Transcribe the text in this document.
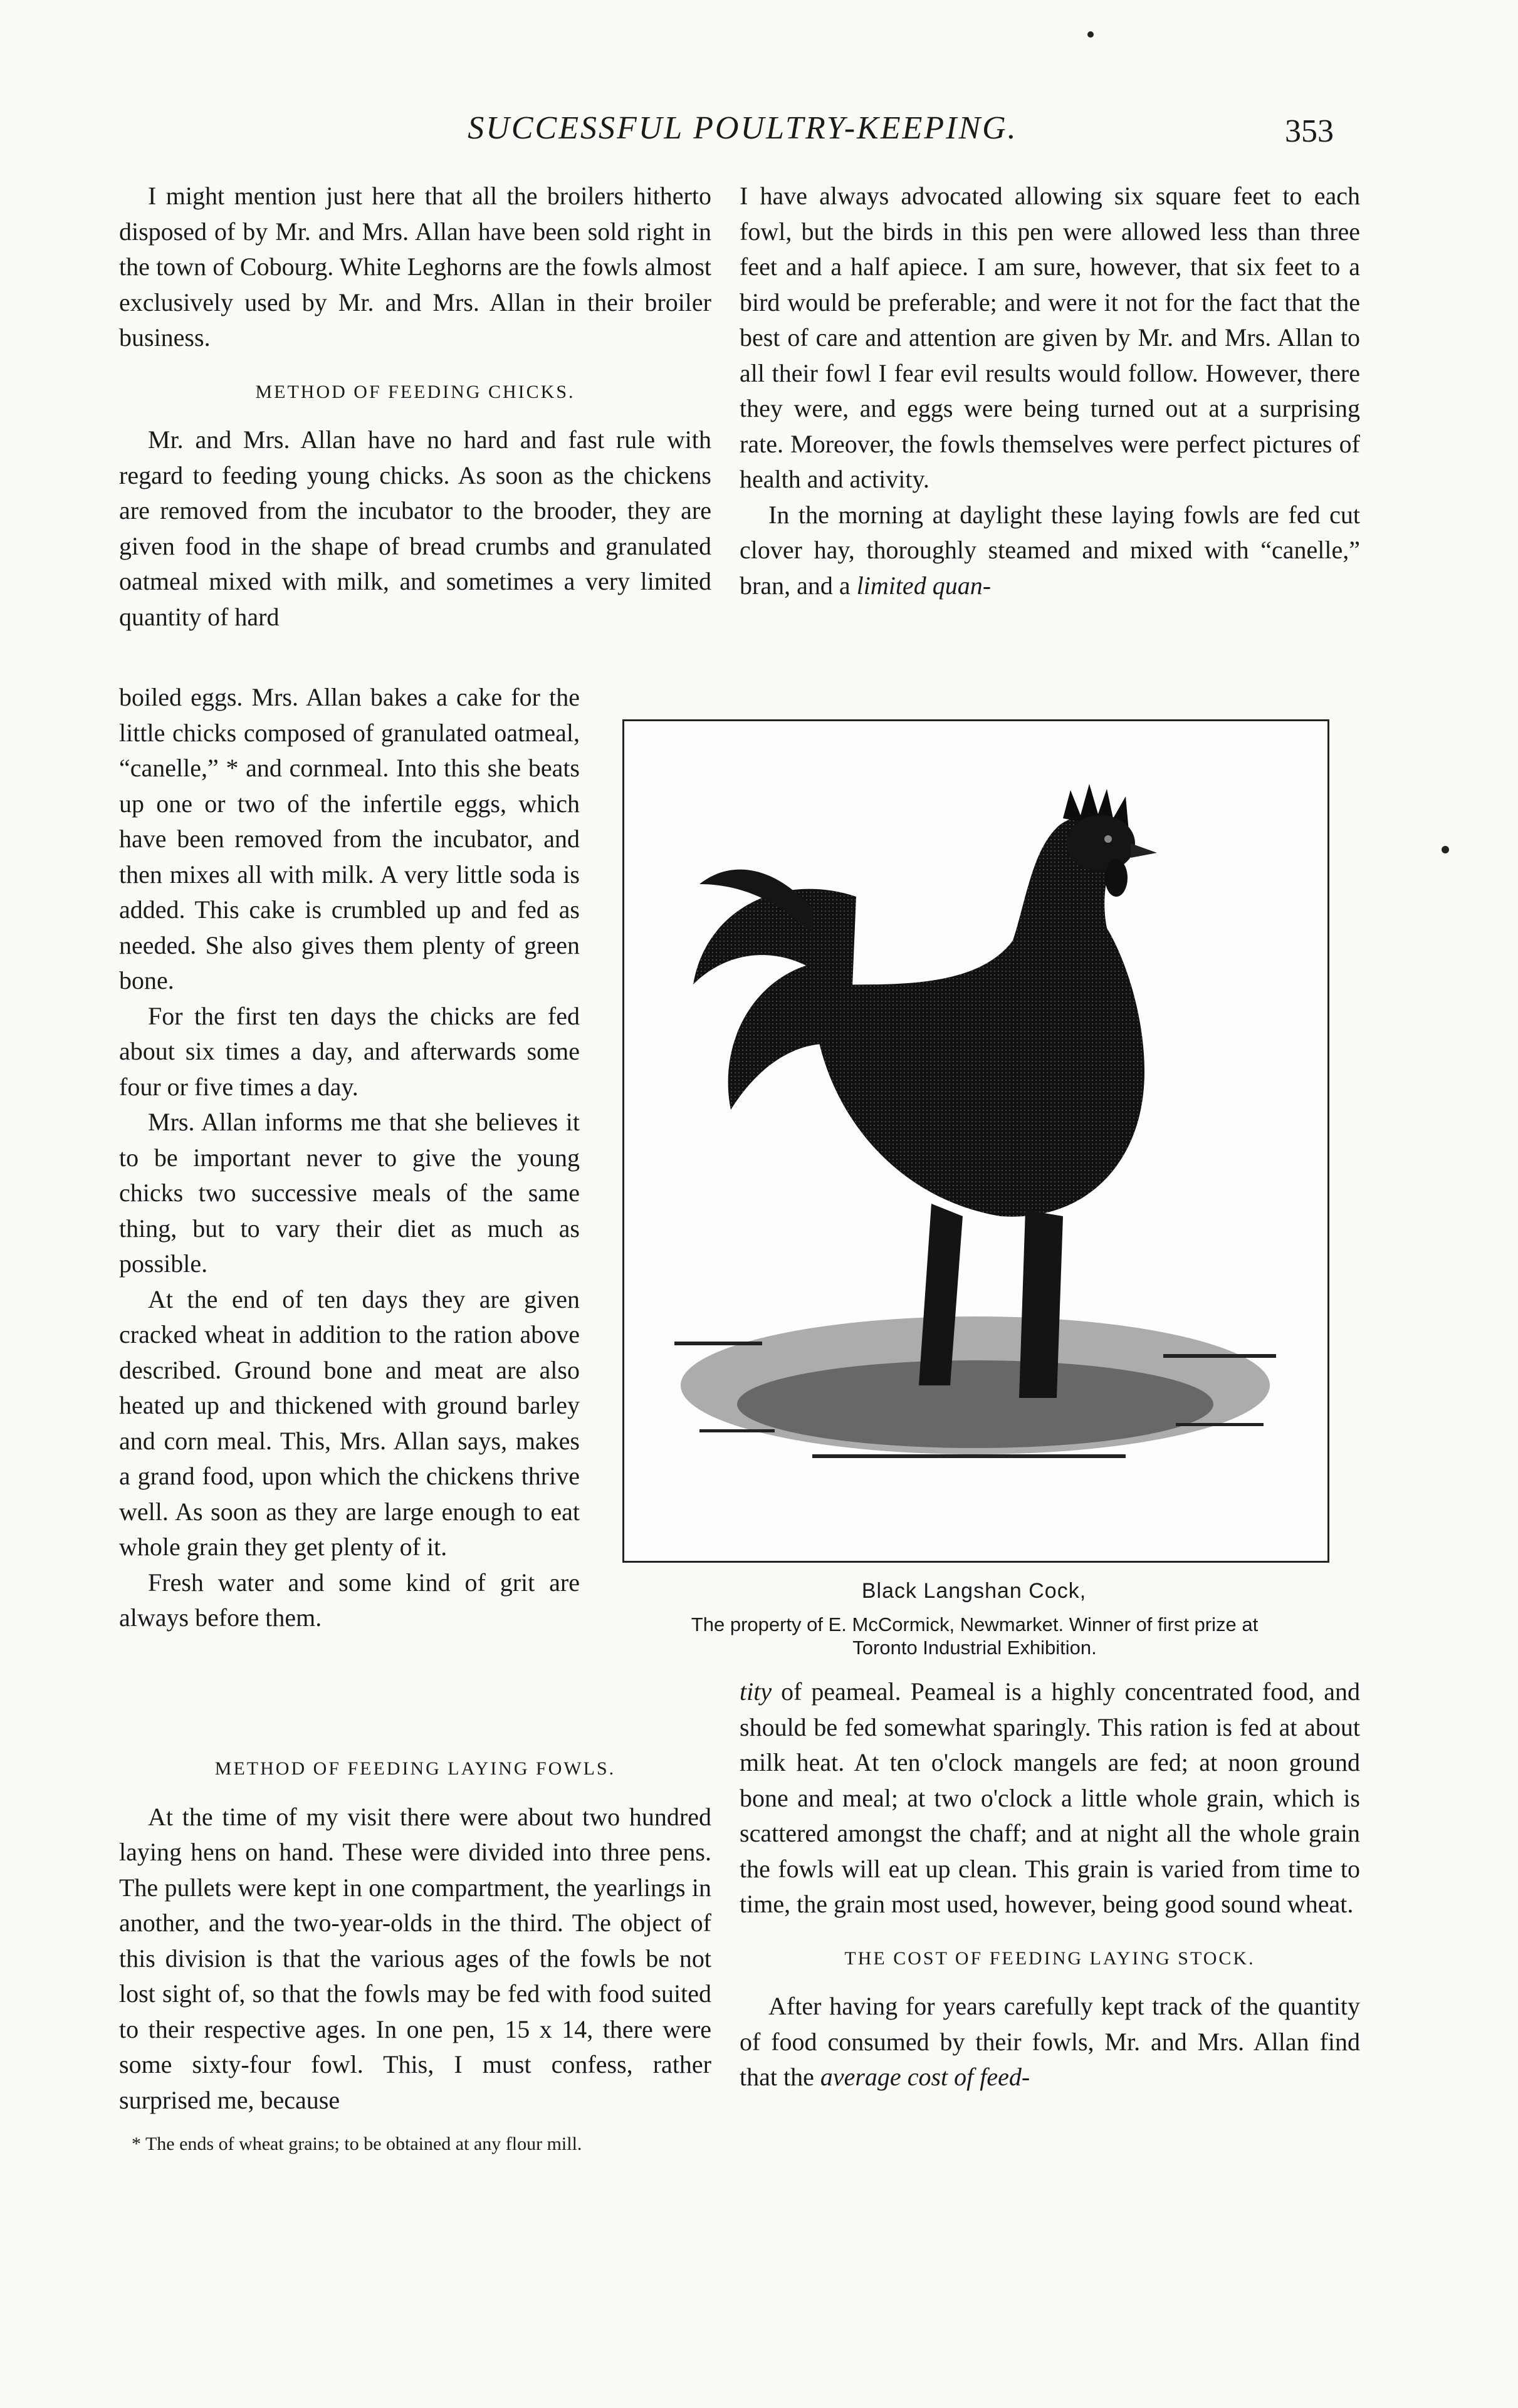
SUCCESSFUL POULTRY-KEEPING.	353

I might mention just here that all the broilers hitherto disposed of by Mr. and Mrs. Allan have been sold right in the town of Cobourg. White Leghorns are the fowls almost exclusively used by Mr. and Mrs. Allan in their broiler business.

METHOD OF FEEDING CHICKS.

Mr. and Mrs. Allan have no hard and fast rule with regard to feeding young chicks. As soon as the chickens are removed from the incubator to the brooder, they are given food in the shape of bread crumbs and granulated oatmeal mixed with milk, and sometimes a very limited quantity of hard

boiled eggs. Mrs. Allan bakes a cake for the little chicks composed of granulated oatmeal, “canelle,” * and cornmeal. Into this she beats up one or two of the infertile eggs, which have been removed from the incubator, and then mixes all with milk. A very little soda is added. This cake is crumbled up and fed as needed. She also gives them plenty of green bone.

For the first ten days the chicks are fed about six times a day, and afterwards some four or five times a day.

Mrs. Allan informs me that she believes it to be important never to give the young chicks two successive meals of the same thing, but to vary their diet as much as possible.

At the end of ten days they are given cracked wheat in addition to the ration above described. Ground bone and meat are also heated up and thickened with ground barley and corn meal. This, Mrs. Allan says, makes a grand food, upon which the chickens thrive well. As soon as they are large enough to eat whole grain they get plenty of it.

Fresh water and some kind of grit are always before them.

METHOD OF FEEDING LAYING FOWLS.

At the time of my visit there were about two hundred laying hens on hand. These were divided into three pens. The pullets were kept in one compartment, the yearlings in another, and the two-year-olds in the third. The object of this division is that the various ages of the fowls be not lost sight of, so that the fowls may be fed with food suited to their respective ages. In one pen, 15 x 14, there were some sixty-four fowl. This, I must confess, rather surprised me, because

* The ends of wheat grains; to be obtained at any flour mill.

I have always advocated allowing six square feet to each fowl, but the birds in this pen were allowed less than three feet and a half apiece. I am sure, however, that six feet to a bird would be preferable; and were it not for the fact that the best of care and attention are given by Mr. and Mrs. Allan to all their fowl I fear evil results would follow. However, there they were, and eggs were being turned out at a surprising rate. Moreover, the fowls themselves were perfect pictures of health and activity.

In the morning at daylight these laying fowls are fed cut clover hay, thoroughly steamed and mixed with “canelle,” bran, and a limited quan-

Black Langshan Cock,
The property of E. McCormick, Newmarket. Winner of first prize at
Toronto Industrial Exhibition.

tity of peameal. Peameal is a highly concentrated food, and should be fed somewhat sparingly. This ration is fed at about milk heat. At ten o'clock mangels are fed; at noon ground bone and meal; at two o'clock a little whole grain, which is scattered amongst the chaff; and at night all the whole grain the fowls will eat up clean. This grain is varied from time to time, the grain most used, however, being good sound wheat.

THE COST OF FEEDING LAYING STOCK.

After having for years carefully kept track of the quantity of food consumed by their fowls, Mr. and Mrs. Allan find that the average cost of feed-
